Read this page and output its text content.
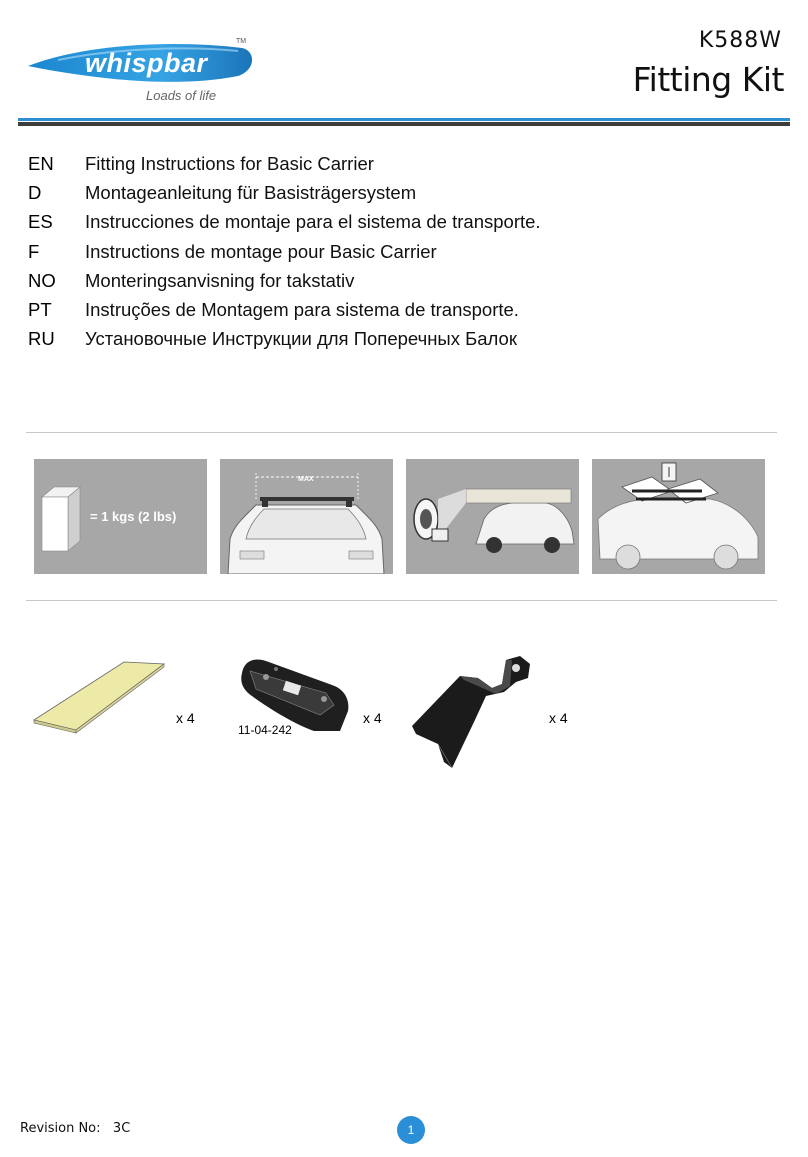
TM
whispbar
Loads of life
K588W
Fitting Kit
EN	Fitting Instructions for Basic Carrier
D	Montageanleitung für Basisträgersystem
ES	Instrucciones de montaje para el sistema de transporte.
F	Instructions de montage pour Basic Carrier
NO	Monteringsanvisning for takstativ
PT	Instruções de Montagem para sistema de transporte.
RU	Установочные Инструкции для Поперечных Балок
= 1 kgs (2 lbs)
MAX
x 4
11-04-242
x 4	x 4
Revision No:   3C	1
